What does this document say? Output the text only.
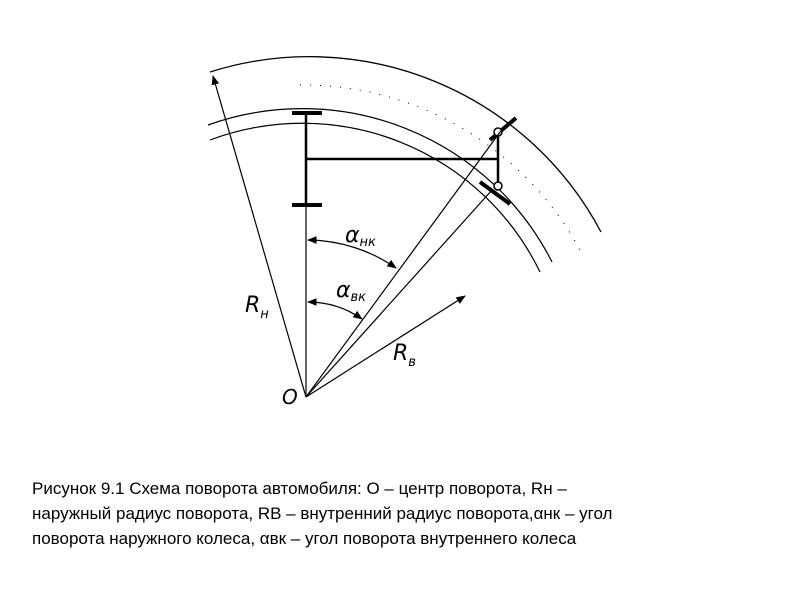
O
$R_н$
$R_в$
αнк
αвк
Рисунок 9.1 Схема поворота автомобиля: О – центр поворота, Rн –
наружный радиус поворота, RВ – внутренний радиус поворота,αнк – угол
поворота наружного колеса, αвк – угол поворота внутреннего колеса
